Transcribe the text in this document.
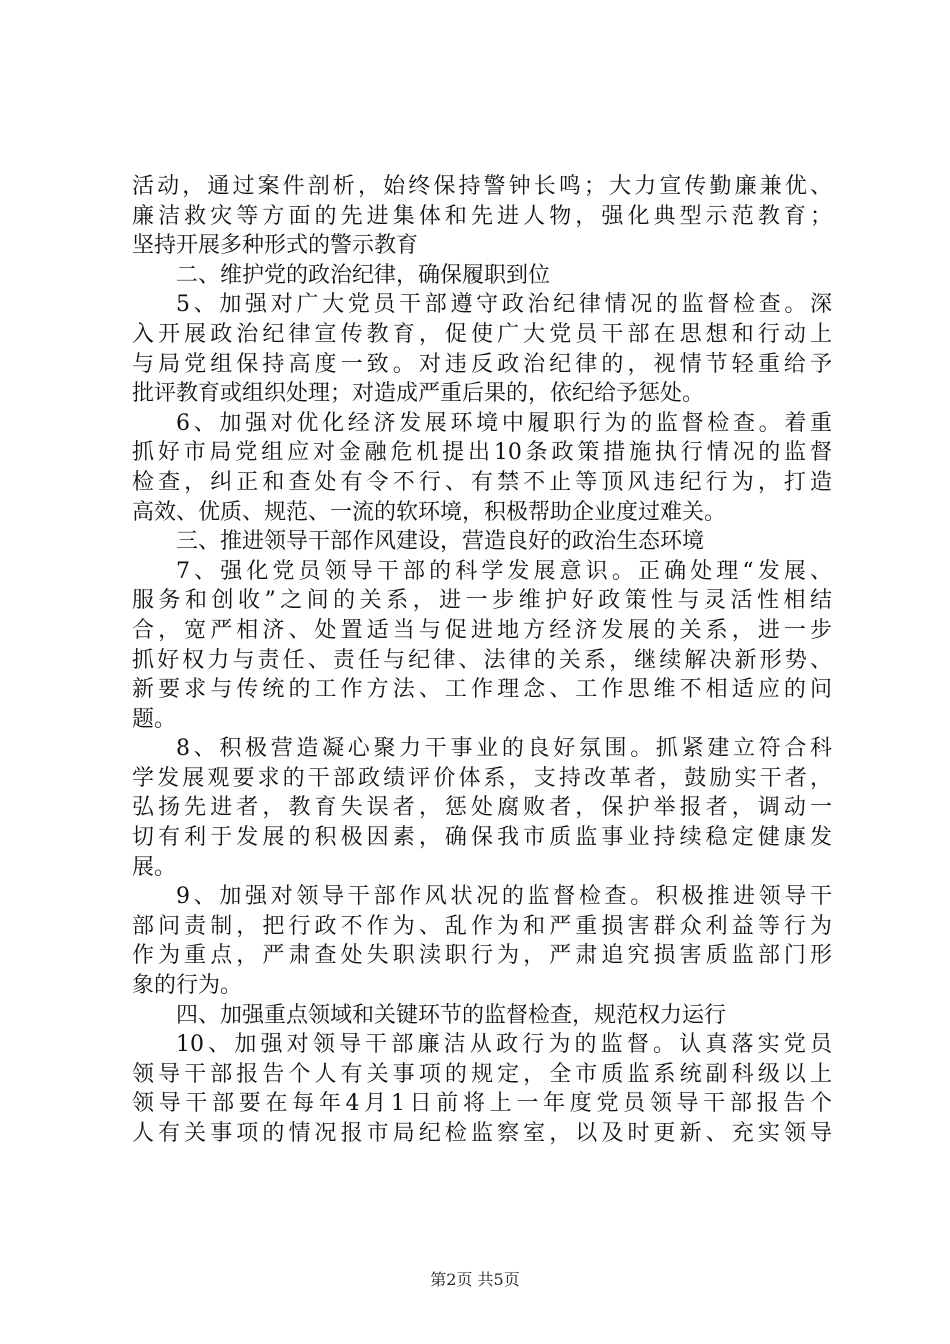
活动，通过案件剖析，始终保持警钟长鸣；大力宣传勤廉兼优、
廉洁救灾等方面的先进集体和先进人物，强化典型示范教育；
坚持开展多种形式的警示教育
二、维护党的政治纪律，确保履职到位
5、加强对广大党员干部遵守政治纪律情况的监督检查。深
入开展政治纪律宣传教育，促使广大党员干部在思想和行动上
与局党组保持高度一致。对违反政治纪律的，视情节轻重给予
批评教育或组织处理；对造成严重后果的，依纪给予惩处。
6、加强对优化经济发展环境中履职行为的监督检查。着重
抓好市局党组应对金融危机提出10条政策措施执行情况的监督
检查，纠正和查处有令不行、有禁不止等顶风违纪行为，打造
高效、优质、规范、一流的软环境，积极帮助企业度过难关。
三、推进领导干部作风建设，营造良好的政治生态环境
7、强化党员领导干部的科学发展意识。正确处理“发展、
服务和创收”之间的关系，进一步维护好政策性与灵活性相结
合，宽严相济、处置适当与促进地方经济发展的关系，进一步
抓好权力与责任、责任与纪律、法律的关系，继续解决新形势、
新要求与传统的工作方法、工作理念、工作思维不相适应的问
题。
8、积极营造凝心聚力干事业的良好氛围。抓紧建立符合科
学发展观要求的干部政绩评价体系，支持改革者，鼓励实干者，
弘扬先进者，教育失误者，惩处腐败者，保护举报者，调动一
切有利于发展的积极因素，确保我市质监事业持续稳定健康发
展。
9、加强对领导干部作风状况的监督检查。积极推进领导干
部问责制，把行政不作为、乱作为和严重损害群众利益等行为
作为重点，严肃查处失职渎职行为，严肃追究损害质监部门形
象的行为。
四、加强重点领域和关键环节的监督检查，规范权力运行
10、加强对领导干部廉洁从政行为的监督。认真落实党员
领导干部报告个人有关事项的规定，全市质监系统副科级以上
领导干部要在每年4月1日前将上一年度党员领导干部报告个
人有关事项的情况报市局纪检监察室，以及时更新、充实领导
第2页 共5页
